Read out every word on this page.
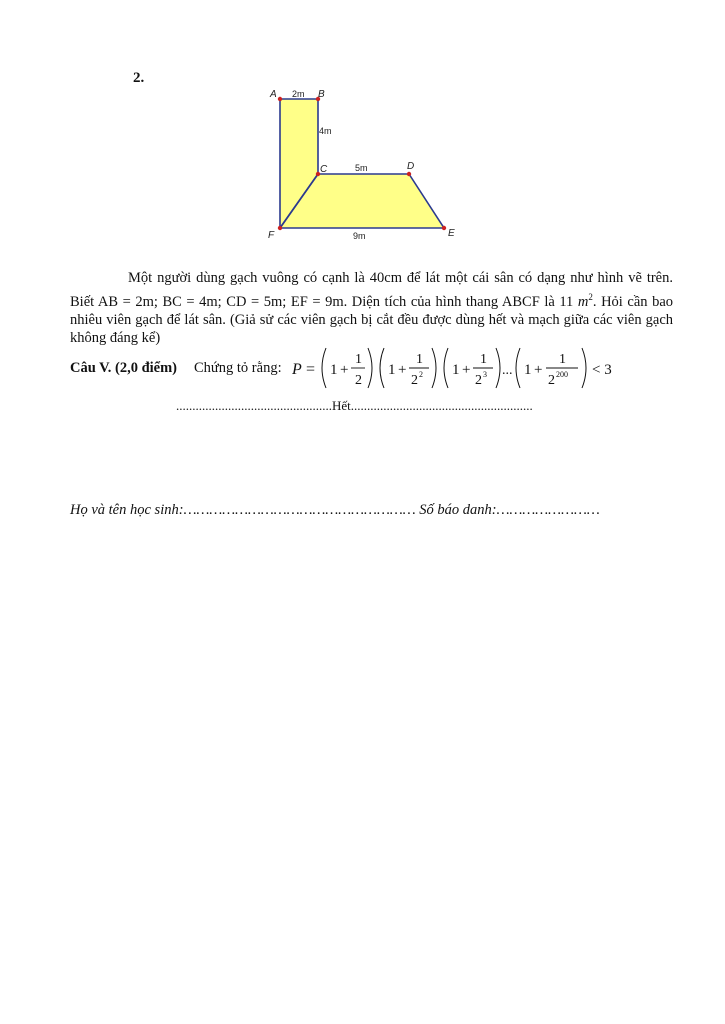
2.
A	B
C	D
E
F
2m
4m
5m
9m
Một người dùng gạch vuông có cạnh là 40cm để lát một cái sân có dạng như hình vẽ trên. Biết AB = 2m; BC = 4m; CD = 5m; EF = 9m. Diện tích của hình thang ABCF là 11 $m^2$. Hỏi cần bao nhiêu viên gạch để lát sân. (Giả sử các viên gạch bị cắt đều được dùng hết và mạch giữa các viên gạch không đáng kể)
Câu V. (2,0 điểm) Chứng tỏ rằng: P = 1 +
1
2
1 +
1
2 2 1 +
1
2 3 ... 1 +
1
2 200 < 3
................................................Hết........................................................
Họ và tên học sinh:……………………………………………… Số báo danh:……………………
